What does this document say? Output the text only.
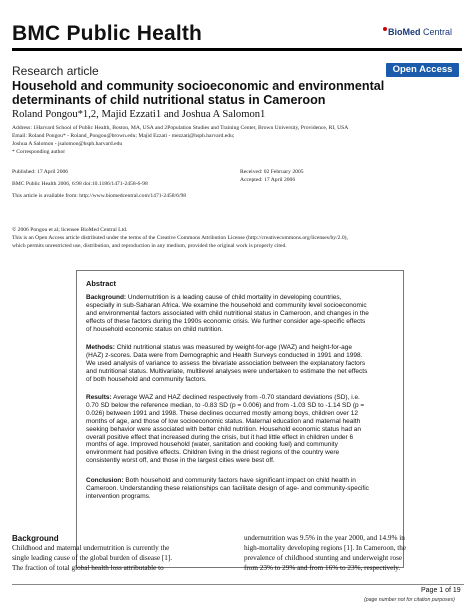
BMC Public Health	BioMed Central
Research article	Open Access
Household and community socioeconomic and environmental determinants of child nutritional status in Cameroon
Roland Pongou*1,2, Majid Ezzati1 and Joshua A Salomon1
Address: 1Harvard School of Public Health, Boston, MA, USA and 2Population Studies and Training Center, Brown University, Providence, RI, USA
Email: Roland Pongou* - Roland_Pongou@brown.edu; Majid Ezzati - mezzati@hsph.harvard.edu;
Joshua A Salomon - jsalomon@hsph.harvard.edu
* Corresponding author
Published: 17 April 2006
BMC Public Health 2006, 6:98 doi:10.1186/1471-2458-6-98
This article is available from: http://www.biomedcentral.com/1471-2458/6/98
Received: 02 February 2005
Accepted: 17 April 2006
© 2006 Pongou et al; licensee BioMed Central Ltd.
This is an Open Access article distributed under the terms of the Creative Commons Attribution License (http://creativecommons.org/licenses/by/2.0),
which permits unrestricted use, distribution, and reproduction in any medium, provided the original work is properly cited.
Abstract
Background: Undernutrition is a leading cause of child mortality in developing countries,
especially in sub-Saharan Africa. We examine the household and community level socioeconomic
and environmental factors associated with child nutritional status in Cameroon, and changes in the
effects of these factors during the 1990s economic crisis. We further consider age-specific effects
of household economic status on child nutrition.
Methods: Child nutritional status was measured by weight-for-age (WAZ) and height-for-age
(HAZ) z-scores. Data were from Demographic and Health Surveys conducted in 1991 and 1998.
We used analysis of variance to assess the bivariate association between the explanatory factors
and nutritional status. Multivariate, multilevel analyses were undertaken to estimate the net effects
of both household and community factors.
Results: Average WAZ and HAZ declined respectively from -0.70 standard deviations (SD), i.e.
0.70 SD below the reference median, to -0.83 SD (p = 0.006) and from -1.03 SD to -1.14 SD (p =
0.026) between 1991 and 1998. These declines occurred mostly among boys, children over 12
months of age, and those of low socioeconomic status. Maternal education and maternal health
seeking behavior were associated with better child nutrition. Household economic status had an
overall positive effect that increased during the crisis, but it had little effect in children under 6
months of age. Improved household (water, sanitation and cooking fuel) and community
environment had positive effects. Children living in the driest regions of the country were
consistently worst off, and those in the largest cities were best off.
Conclusion: Both household and community factors have significant impact on child health in
Cameroon. Understanding these relationships can facilitate design of age- and community-specific
intervention programs.
Background
Childhood and maternal undernutrition is currently the
single leading cause of the global burden of disease [1].
The fraction of total global health loss attributable to
undernutrition was 9.5% in the year 2000, and 14.9% in
high-mortality developing regions [1]. In Cameroon, the
prevalence of childhood stunting and underweight rose
from 23% to 29% and from 16% to 23%, respectively.
Page 1 of 19
(page number not for citation purposes)
